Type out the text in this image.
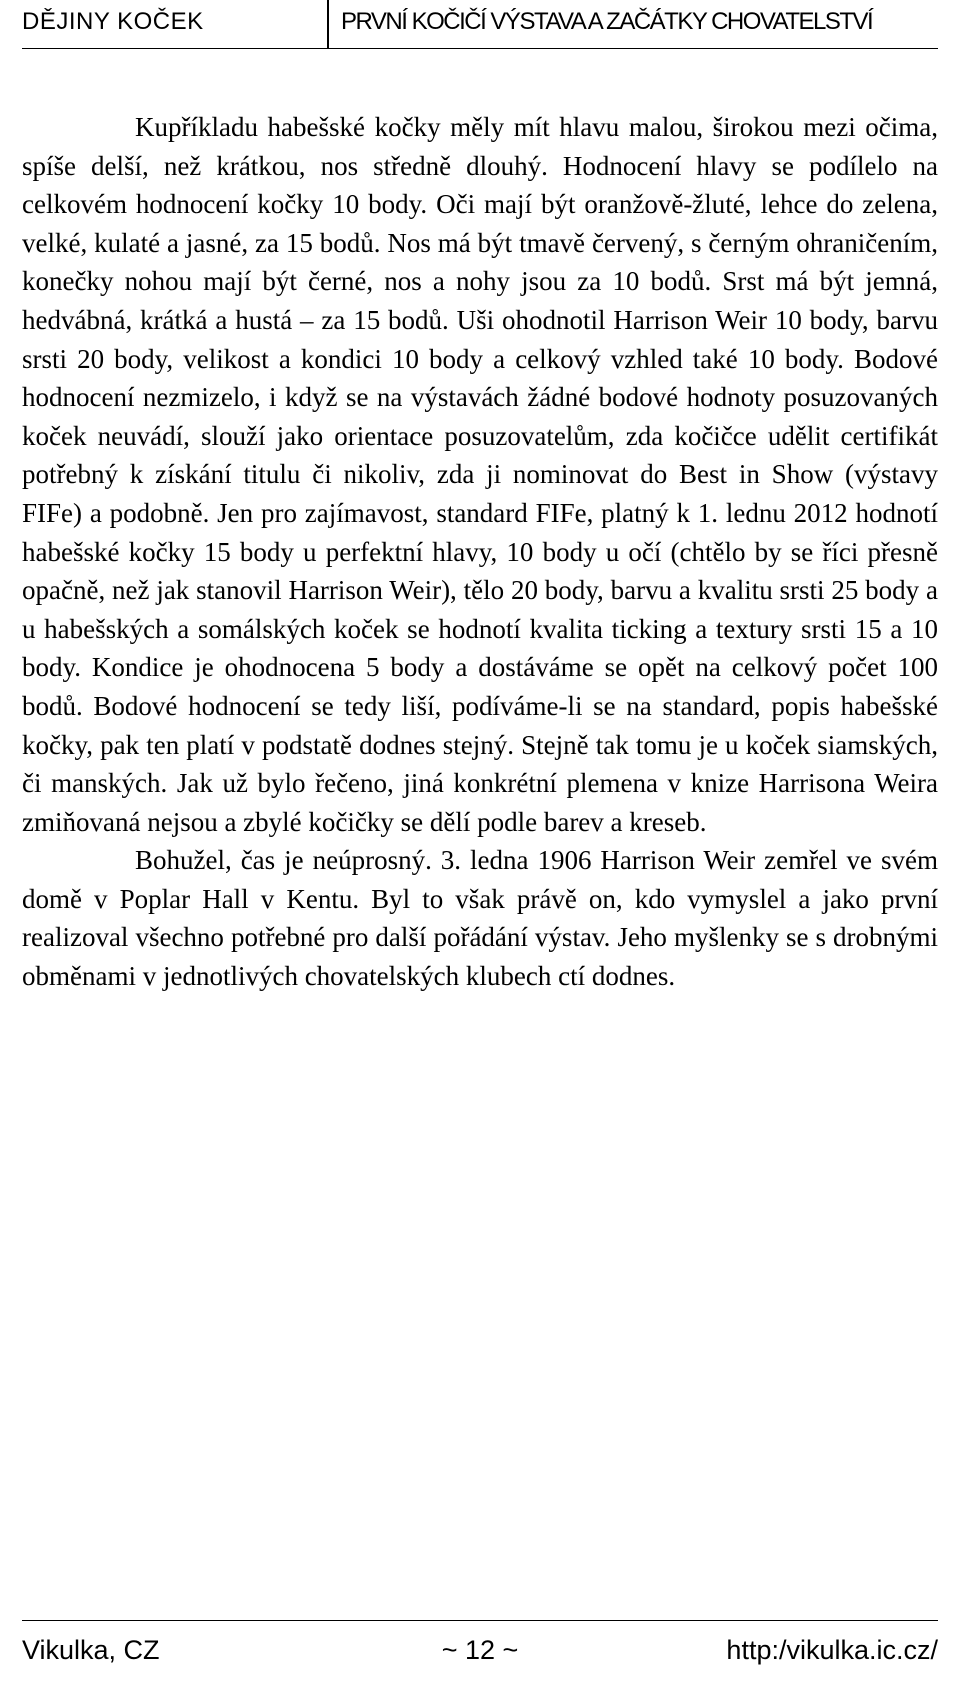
DĚJINY KOČEK	PRVNÍ KOČIČÍ VÝSTAVA A ZAČÁTKY CHOVATELSTVÍ

Kupříkladu habešské kočky měly mít hlavu malou, širokou mezi očima, spíše delší, než krátkou, nos středně dlouhý. Hodnocení hlavy se podílelo na celkovém hodnocení kočky 10 body. Oči mají být oranžově-žluté, lehce do zelena, velké, kulaté a jasné, za 15 bodů. Nos má být tmavě červený, s černým ohraničením, konečky nohou mají být černé, nos a nohy jsou za 10 bodů. Srst má být jemná, hedvábná, krátká a hustá – za 15 bodů. Uši ohodnotil Harrison Weir 10 body, barvu srsti 20 body, velikost a kondici 10 body a celkový vzhled také 10 body. Bodové hodnocení nezmizelo, i když se na výstavách žádné bodové hodnoty posuzovaných koček neuvádí, slouží jako orientace posuzovatelům, zda kočičce udělit certifikát potřebný k získání titulu či nikoliv, zda ji nominovat do Best in Show (výstavy FIFe) a podobně. Jen pro zajímavost, standard FIFe, platný k 1. lednu 2012 hodnotí habešské kočky 15 body u perfektní hlavy, 10 body u očí (chtělo by se říci přesně opačně, než jak stanovil Harrison Weir), tělo 20 body, barvu a kvalitu srsti 25 body a u habešských a somálských koček se hodnotí kvalita ticking a textury srsti 15 a 10 body. Kondice je ohodnocena 5 body a dostáváme se opět na celkový počet 100 bodů. Bodové hodnocení se tedy liší, podíváme-li se na standard, popis habešské kočky, pak ten platí v podstatě dodnes stejný. Stejně tak tomu je u koček siamských, či manských. Jak už bylo řečeno, jiná konkrétní plemena v knize Harrisona Weira zmiňovaná nejsou a zbylé kočičky se dělí podle barev a kreseb.

Bohužel, čas je neúprosný. 3. ledna 1906 Harrison Weir zemřel ve svém domě v Poplar Hall v Kentu. Byl to však právě on, kdo vymyslel a jako první realizoval všechno potřebné pro další pořádání výstav. Jeho myšlenky se s drobnými obměnami v jednotlivých chovatelských klubech ctí dodnes.

Vikulka, CZ	~ 12 ~	http:/vikulka.ic.cz/
